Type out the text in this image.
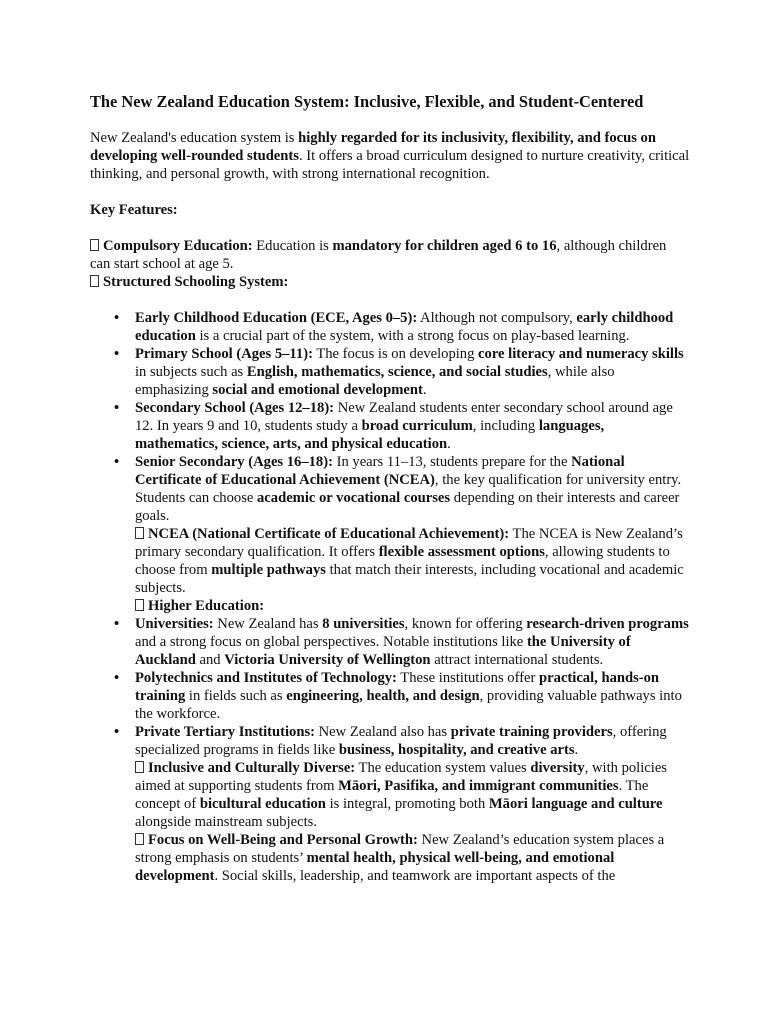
The New Zealand Education System: Inclusive, Flexible, and Student-Centered

New Zealand's education system is highly regarded for its inclusivity, flexibility, and focus on developing well-rounded students. It offers a broad curriculum designed to nurture creativity, critical thinking, and personal growth, with strong international recognition.

Key Features:

Compulsory Education: Education is mandatory for children aged 6 to 16, although children can start school at age 5.

Structured Schooling System:

• Early Childhood Education (ECE, Ages 0–5): Although not compulsory, early childhood education is a crucial part of the system, with a strong focus on play-based learning.
• Primary School (Ages 5–11): The focus is on developing core literacy and numeracy skills in subjects such as English, mathematics, science, and social studies, while also emphasizing social and emotional development.
• Secondary School (Ages 12–18): New Zealand students enter secondary school around age 12. In years 9 and 10, students study a broad curriculum, including languages, mathematics, science, arts, and physical education.
• Senior Secondary (Ages 16–18): In years 11–13, students prepare for the National Certificate of Educational Achievement (NCEA), the key qualification for university entry. Students can choose academic or vocational courses depending on their interests and career goals.
NCEA (National Certificate of Educational Achievement): The NCEA is New Zealand’s primary secondary qualification. It offers flexible assessment options, allowing students to choose from multiple pathways that match their interests, including vocational and academic subjects.
Higher Education:
• Universities: New Zealand has 8 universities, known for offering research-driven programs and a strong focus on global perspectives. Notable institutions like the University of Auckland and Victoria University of Wellington attract international students.
• Polytechnics and Institutes of Technology: These institutions offer practical, hands-on training in fields such as engineering, health, and design, providing valuable pathways into the workforce.
• Private Tertiary Institutions: New Zealand also has private training providers, offering specialized programs in fields like business, hospitality, and creative arts.
Inclusive and Culturally Diverse: The education system values diversity, with policies aimed at supporting students from Māori, Pasifika, and immigrant communities. The concept of bicultural education is integral, promoting both Māori language and culture alongside mainstream subjects.
Focus on Well-Being and Personal Growth: New Zealand’s education system places a strong emphasis on students’ mental health, physical well-being, and emotional development. Social skills, leadership, and teamwork are important aspects of the
